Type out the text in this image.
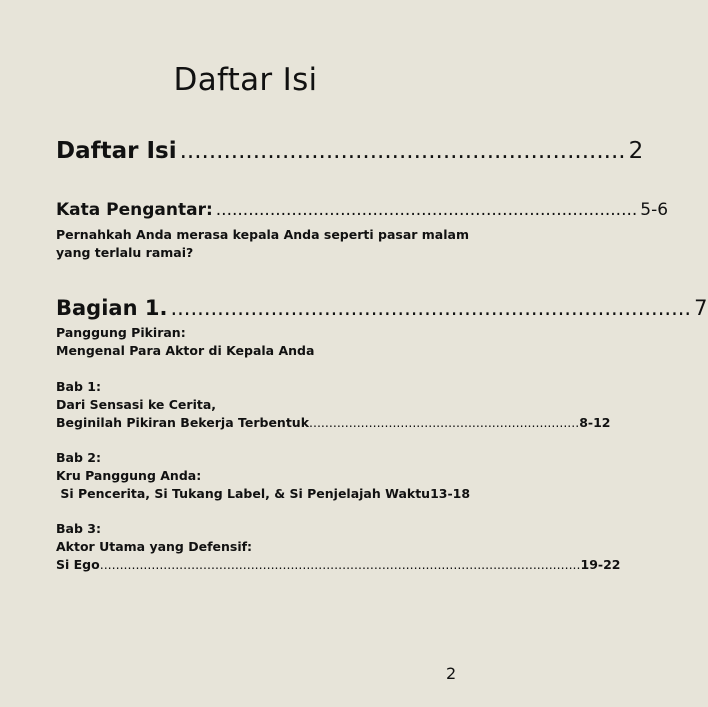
Daftar Isi
Daftar Isi ............................................................. 2
Kata Pengantar: .............................................................................. 5-6
Pernahkah Anda merasa kepala Anda seperti pasar malam
yang terlalu ramai?
Bagian 1. .............................................................................. 7
Panggung Pikiran:
Mengenal Para Aktor di Kepala Anda
Bab 1:
Dari Sensasi ke Cerita,
Beginilah Pikiran Bekerja Terbentuk .................................................................... 8-12
Bab 2:
Kru Panggung Anda:
Si Pencerita, Si Tukang Label, & Si Penjelajah Waktu 13-18
Bab 3:
Aktor Utama yang Defensif:
Si Ego ......................................................................................................................... 19-22
2
